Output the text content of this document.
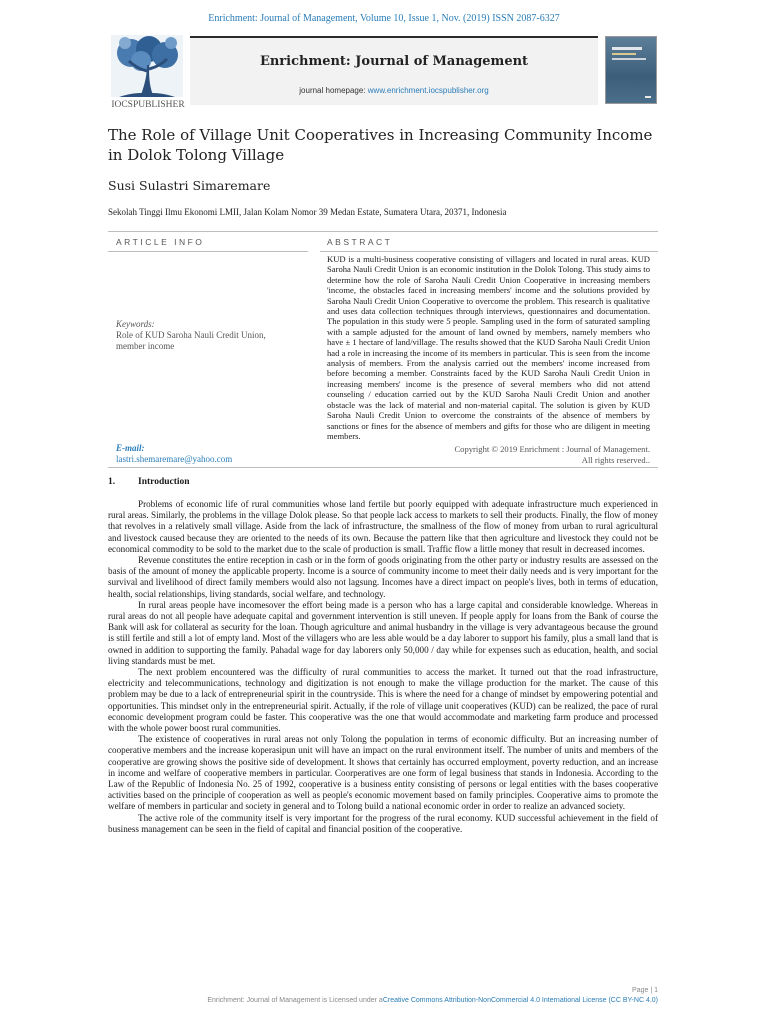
Enrichment: Journal of Management, Volume 10, Issue 1, Nov. (2019) ISSN 2087-6327
IOCSPUBLISHER
Enrichment: Journal of Management
journal homepage: www.enrichment.iocspublisher.org
The Role of Village Unit Cooperatives in Increasing Community Income in Dolok Tolong Village
Susi Sulastri Simaremare
Sekolah Tinggi Ilmu Ekonomi LMII, Jalan Kolam Nomor 39 Medan Estate, Sumatera Utara, 20371, Indonesia
ARTICLE INFO	ABSTRACT
Keywords:
Role of KUD Saroha Nauli Credit Union, member income
E-mail:
lastri.shemaremare@yahoo.com
KUD is a multi-business cooperative consisting of villagers and located in rural areas. KUD Saroha Nauli Credit Union is an economic institution in the Dolok Tolong. This study aims to determine how the role of Saroha Nauli Credit Union Cooperative in increasing members 'income, the obstacles faced in increasing members' income and the solutions provided by Saroha Nauli Credit Union Cooperative to overcome the problem. This research is qualitative and uses data collection techniques through interviews, questionnaires and documentation. The population in this study were 5 people. Sampling used in the form of saturated sampling with a sample adjusted for the amount of land owned by members, namely members who have ± 1 hectare of land/village. The results showed that the KUD Saroha Nauli Credit Union had a role in increasing the income of its members in particular. This is seen from the income analysis of members. From the analysis carried out the members' income increased from before becoming a member. Constraints faced by the KUD Saroha Nauli Credit Union in increasing members' income is the presence of several members who did not attend counseling / education carried out by the KUD Saroha Nauli Credit Union and another obstacle was the lack of material and non-material capital. The solution is given by KUD Saroha Nauli Credit Union to overcome the constraints of the absence of members by sanctions or fines for the absence of members and gifts for those who are diligent in meeting members.
Copyright © 2019 Enrichment : Journal of Management.
All rights reserved..
1. Introduction

Problems of economic life of rural communities whose land fertile but poorly equipped with adequate infrastructure much experienced in rural areas. Similarly, the problems in the village Dolok please. So that people lack access to markets to sell their products. Finally, the flow of money that revolves in a relatively small village. Aside from the lack of infrastructure, the smallness of the flow of money from urban to rural agricultural and livestock caused because they are oriented to the needs of its own. Because the pattern like that then agriculture and livestock they could not be economical commodity to be sold to the market due to the scale of production is small. Traffic flow a little money that result in decreased incomes.

Revenue constitutes the entire reception in cash or in the form of goods originating from the other party or industry results are assessed on the basis of the amount of money the applicable property. Income is a source of community income to meet their daily needs and is very important for the survival and livelihood of direct family members would also not lagsung. Incomes have a direct impact on people's lives, both in terms of education, health, social relationships, living standards, social welfare, and technology.

In rural areas people have incomesover the effort being made is a person who has a large capital and considerable knowledge. Whereas in rural areas do not all people have adequate capital and government intervention is still uneven. If people apply for loans from the Bank of course the Bank will ask for collateral as security for the loan. Though agriculture and animal husbandry in the village is very advantageous because the ground is still fertile and still a lot of empty land. Most of the villagers who are less able would be a day laborer to support his family, plus a small land that is owned in addition to supporting the family. Pahadal wage for day laborers only 50,000 / day while for expenses such as education, health, and social living standards must be met.

The next problem encountered was the difficulty of rural communities to access the market. It turned out that the road infrastructure, electricity and telecommunications, technology and digitization is not enough to make the village production for the market. The cause of this problem may be due to a lack of entrepreneurial spirit in the countryside. This is where the need for a change of mindset by empowering potential and opportunities. This mindset only in the entrepreneurial spirit. Actually, if the role of village unit cooperatives (KUD) can be realized, the pace of rural economic development program could be faster. This cooperative was the one that would accommodate and marketing farm produce and processed with the whole power boost rural communities.

The existence of cooperatives in rural areas not only Tolong the population in terms of economic difficulty. But an increasing number of cooperative members and the increase koperasipun unit will have an impact on the rural environment itself. The number of units and members of the cooperative are growing shows the positive side of development. It shows that certainly has occurred employment, poverty reduction, and an increase in income and welfare of cooperative members in particular. Coorperatives are one form of legal business that stands in Indonesia. According to the Law of the Republic of Indonesia No. 25 of 1992, cooperative is a business entity consisting of persons or legal entities with the bases cooperative activities based on the principle of cooperation as well as people's economic movement based on family principles. Cooperative aims to promote the welfare of members in particular and society in general and to Tolong build a national economic order in order to realize an advanced society.

The active role of the community itself is very important for the progress of the rural economy. KUD successful achievement in the field of business management can be seen in the field of capital and financial position of the cooperative.

Page | 1
Enrichment: Journal of Management is Licensed under aCreative Commons Attribution-NonCommercial 4.0 International License (CC BY-NC 4.0)
